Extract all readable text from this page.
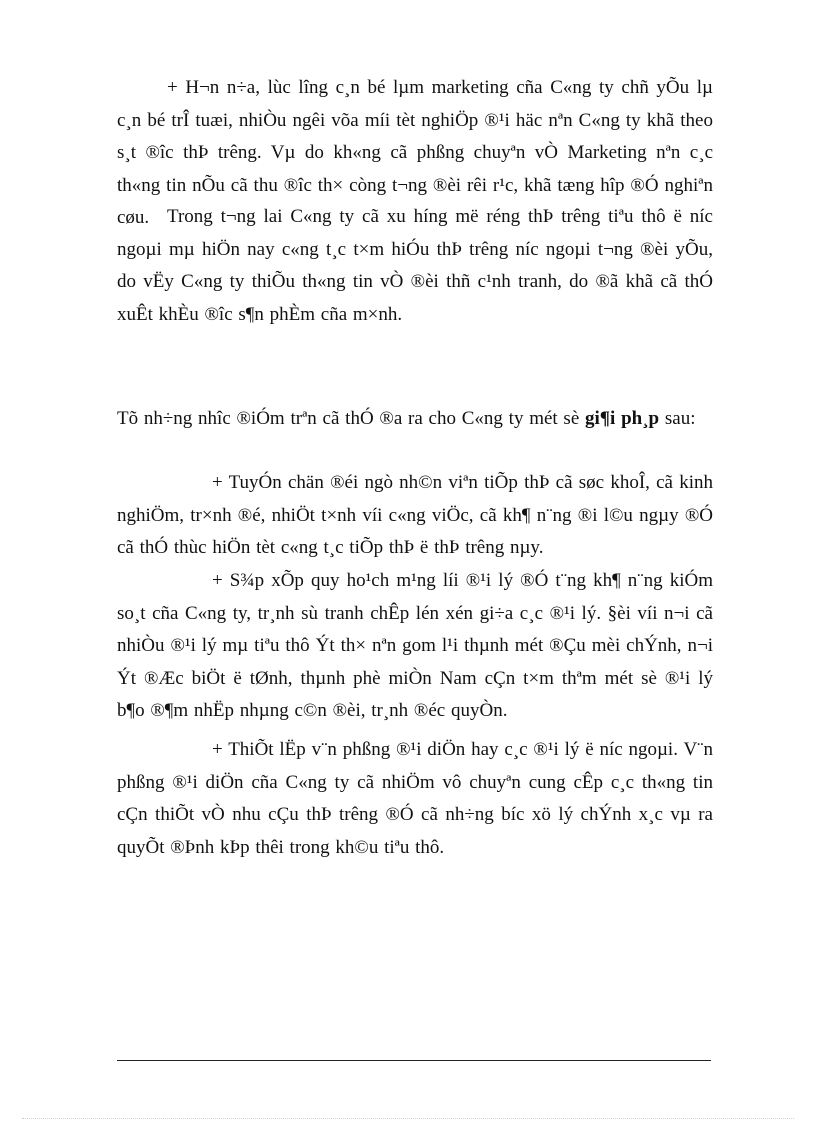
+ H¬n n÷a, lùc lîng c¸n bé lµm marketing cña C«ng ty chñ yÕu lµ c¸n bé trÎ tuæi, nhiÒu ngêi võa míi tèt nghiÖp ®¹i häc nªn C«ng ty khã theo s¸t ®îc thÞ trêng. Vµ do kh«ng cã phßng chuyªn vÒ Marketing nªn c¸c th«ng tin nÕu cã thu ®îc th× còng t¬ng ®èi rêi r¹c, khã tæng hîp ®Ó nghiªn cøu. Trong t¬ng lai C«ng ty cã xu híng më réng thÞ trêng tiªu thô ë níc ngoµi mµ hiÖn nay c«ng t¸c t×m hiÓu thÞ trêng níc ngoµi t¬ng ®èi yÕu, do vËy C«ng ty thiÕu th«ng tin vÒ ®èi thñ c¹nh tranh, do ®ã khã cã thÓ xuÊt khÈu ®îc s¶n phÈm cña m×nh.

Tõ nh÷ng nhîc ®iÓm trªn cã thÓ ®a ra cho C«ng ty mét sè gi¶i ph¸p sau:

+ TuyÓn chän ®éi ngò nh©n viªn tiÕp thÞ cã søc khoÎ, cã kinh nghiÖm, tr×nh ®é, nhiÖt t×nh víi c«ng viÖc, cã kh¶ n¨ng ®i l©u ngµy ®Ó cã thÓ thùc hiÖn tèt c«ng t¸c tiÕp thÞ ë thÞ trêng nµy.

+ S¾p xÕp quy ho¹ch m¹ng líi ®¹i lý ®Ó t¨ng kh¶ n¨ng kiÓm so¸t cña C«ng ty, tr¸nh sù tranh chÊp lén xén gi÷a c¸c ®¹i lý. §èi víi n¬i cã nhiÒu ®¹i lý mµ tiªu thô Ýt th× nªn gom l¹i thµnh mét ®Çu mèi chÝnh, n¬i Ýt ®Æc biÖt ë tØnh, thµnh phè miÒn Nam cÇn t×m thªm mét sè ®¹i lý b¶o ®¶m nhËp nhµng c©n ®èi, tr¸nh ®éc quyÒn.

+ ThiÕt lËp v¨n phßng ®¹i diÖn hay c¸c ®¹i lý ë níc ngoµi. V¨n phßng ®¹i diÖn cña C«ng ty cã nhiÖm vô chuyªn cung cÊp c¸c th«ng tin cÇn thiÕt vÒ nhu cÇu thÞ trêng ®Ó cã nh÷ng bíc xö lý chÝnh x¸c vµ ra quyÕt ®Þnh kÞp thêi trong kh©u tiªu thô.
